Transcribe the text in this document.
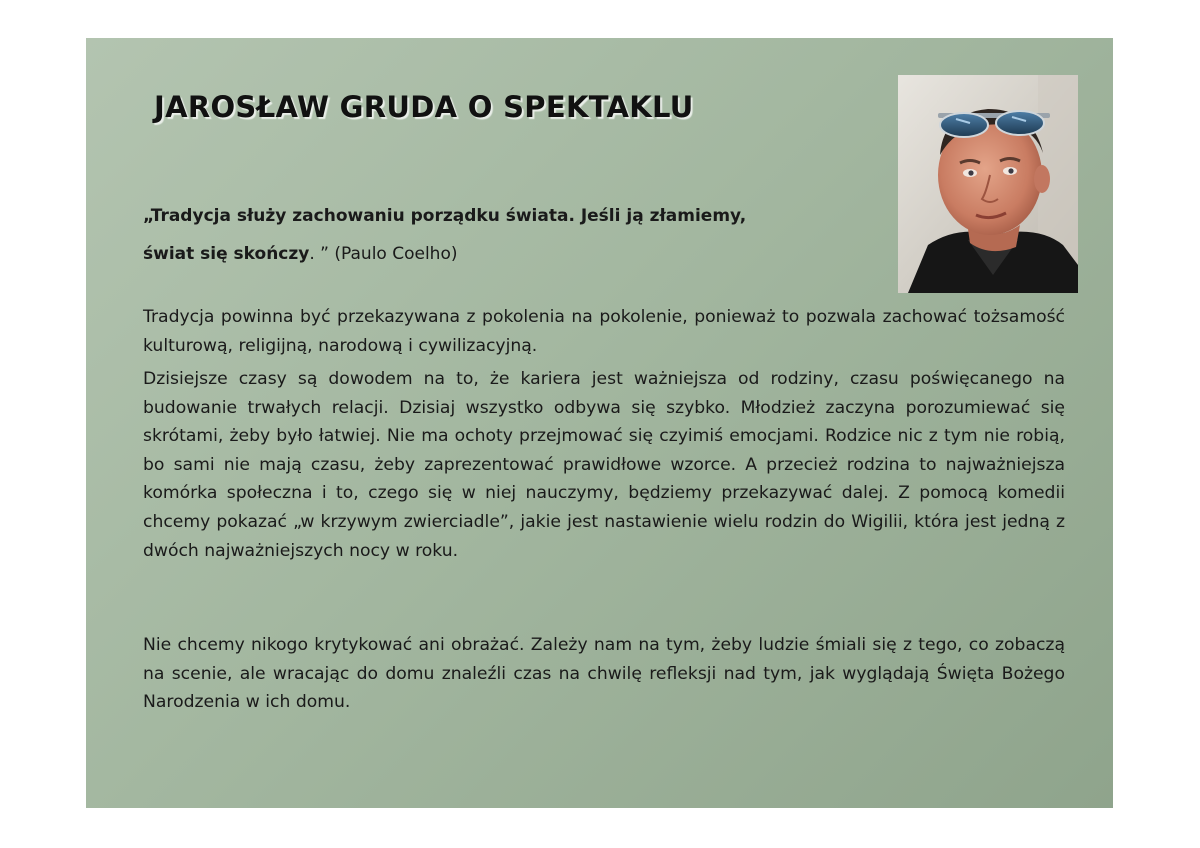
JAROSŁAW GRUDA O SPEKTAKLU
„Tradycja służy zachowaniu porządku świata. Jeśli ją złamiemy,
świat się skończy. ” (Paulo Coelho)

Tradycja powinna być przekazywana z pokolenia na pokolenie, ponieważ to pozwala zachować tożsamość kulturową, religijną, narodową i cywilizacyjną.

Dzisiejsze czasy są dowodem na to, że kariera jest ważniejsza od rodziny, czasu poświęcanego na budowanie trwałych relacji. Dzisiaj wszystko odbywa się szybko. Młodzież zaczyna porozumiewać się skrótami, żeby było łatwiej. Nie ma ochoty przejmować się czyimiś emocjami. Rodzice nic z tym nie robią, bo sami nie mają czasu, żeby zaprezentować prawidłowe wzorce. A przecież rodzina to najważniejsza komórka społeczna i to, czego się w niej nauczymy, będziemy przekazywać dalej. Z pomocą komedii chcemy pokazać „w krzywym zwierciadle”, jakie jest nastawienie wielu rodzin do Wigilii, która jest jedną z dwóch najważniejszych nocy w roku.

Nie chcemy nikogo krytykować ani obrażać. Zależy nam na tym, żeby ludzie śmiali się z tego, co zobaczą na scenie, ale wracając do domu znaleźli czas na chwilę refleksji nad tym, jak wyglądają Święta Bożego Narodzenia w ich domu.
